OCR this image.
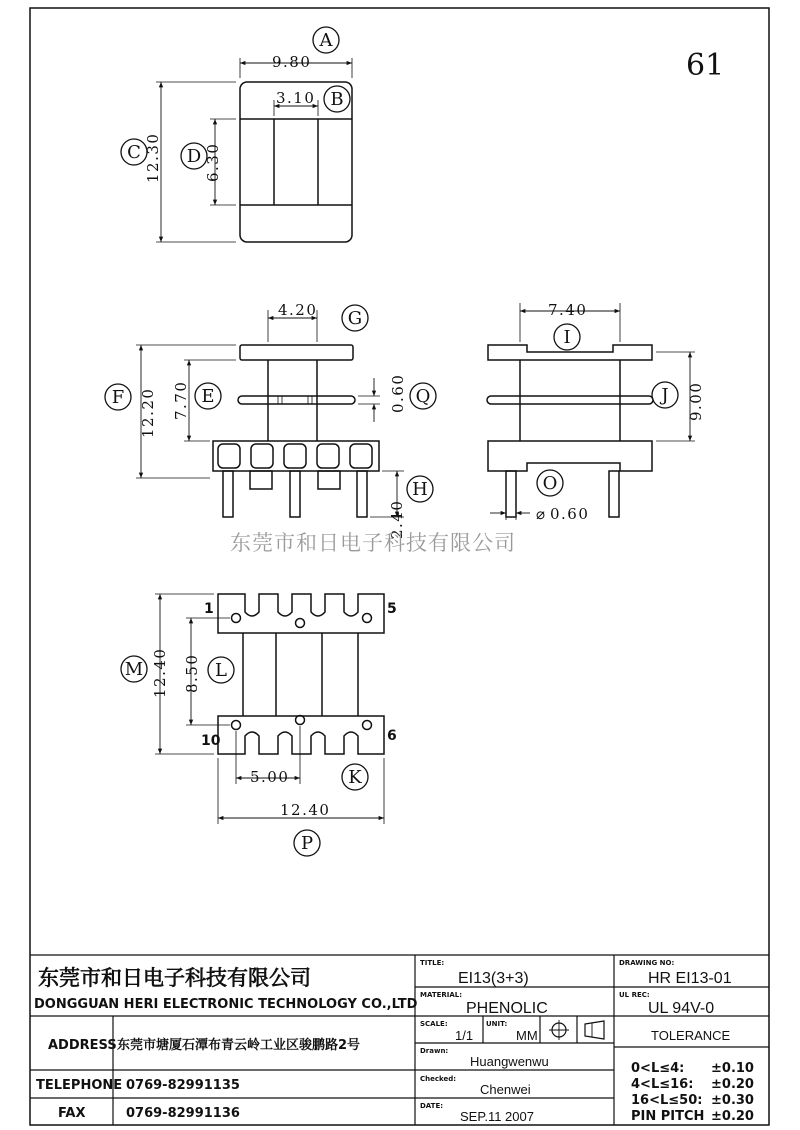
61
9.80
3.10
12.30	6.30
A
B
C	D
4.20
12.20 7.70	0.60
2.40
G
F	E	Q
H
7.40
9.00
⌀ 0.60
I
J
O
东莞市和日电子科技有限公司
12.40 8.50
5.00
12.40
1	5
10	6
M	L
K
P
东莞市和日电子科技有限公司
DONGGUAN HERI ELECTRONIC TECHNOLOGY CO.,LTD
ADDRESS 东莞市塘厦石潭布青云岭工业区骏鹏路2号
TELEPHONE 0769-82991135
FAX	0769-82991136
TITLE:
EI13(3+3)
MATERIAL:
PHENOLIC
SCALE:
1/1
UNIT:
MM
Drawn:
Huangwenwu
Checked:
Chenwei
DATE:
SEP.11 2007
DRAWING NO:
HR EI13-01
UL REC:
UL 94V-0
TOLERANCE
0<L≤4: ±0.10
4<L≤16: ±0.20
16<L≤50: ±0.30
PIN PITCH ±0.20
